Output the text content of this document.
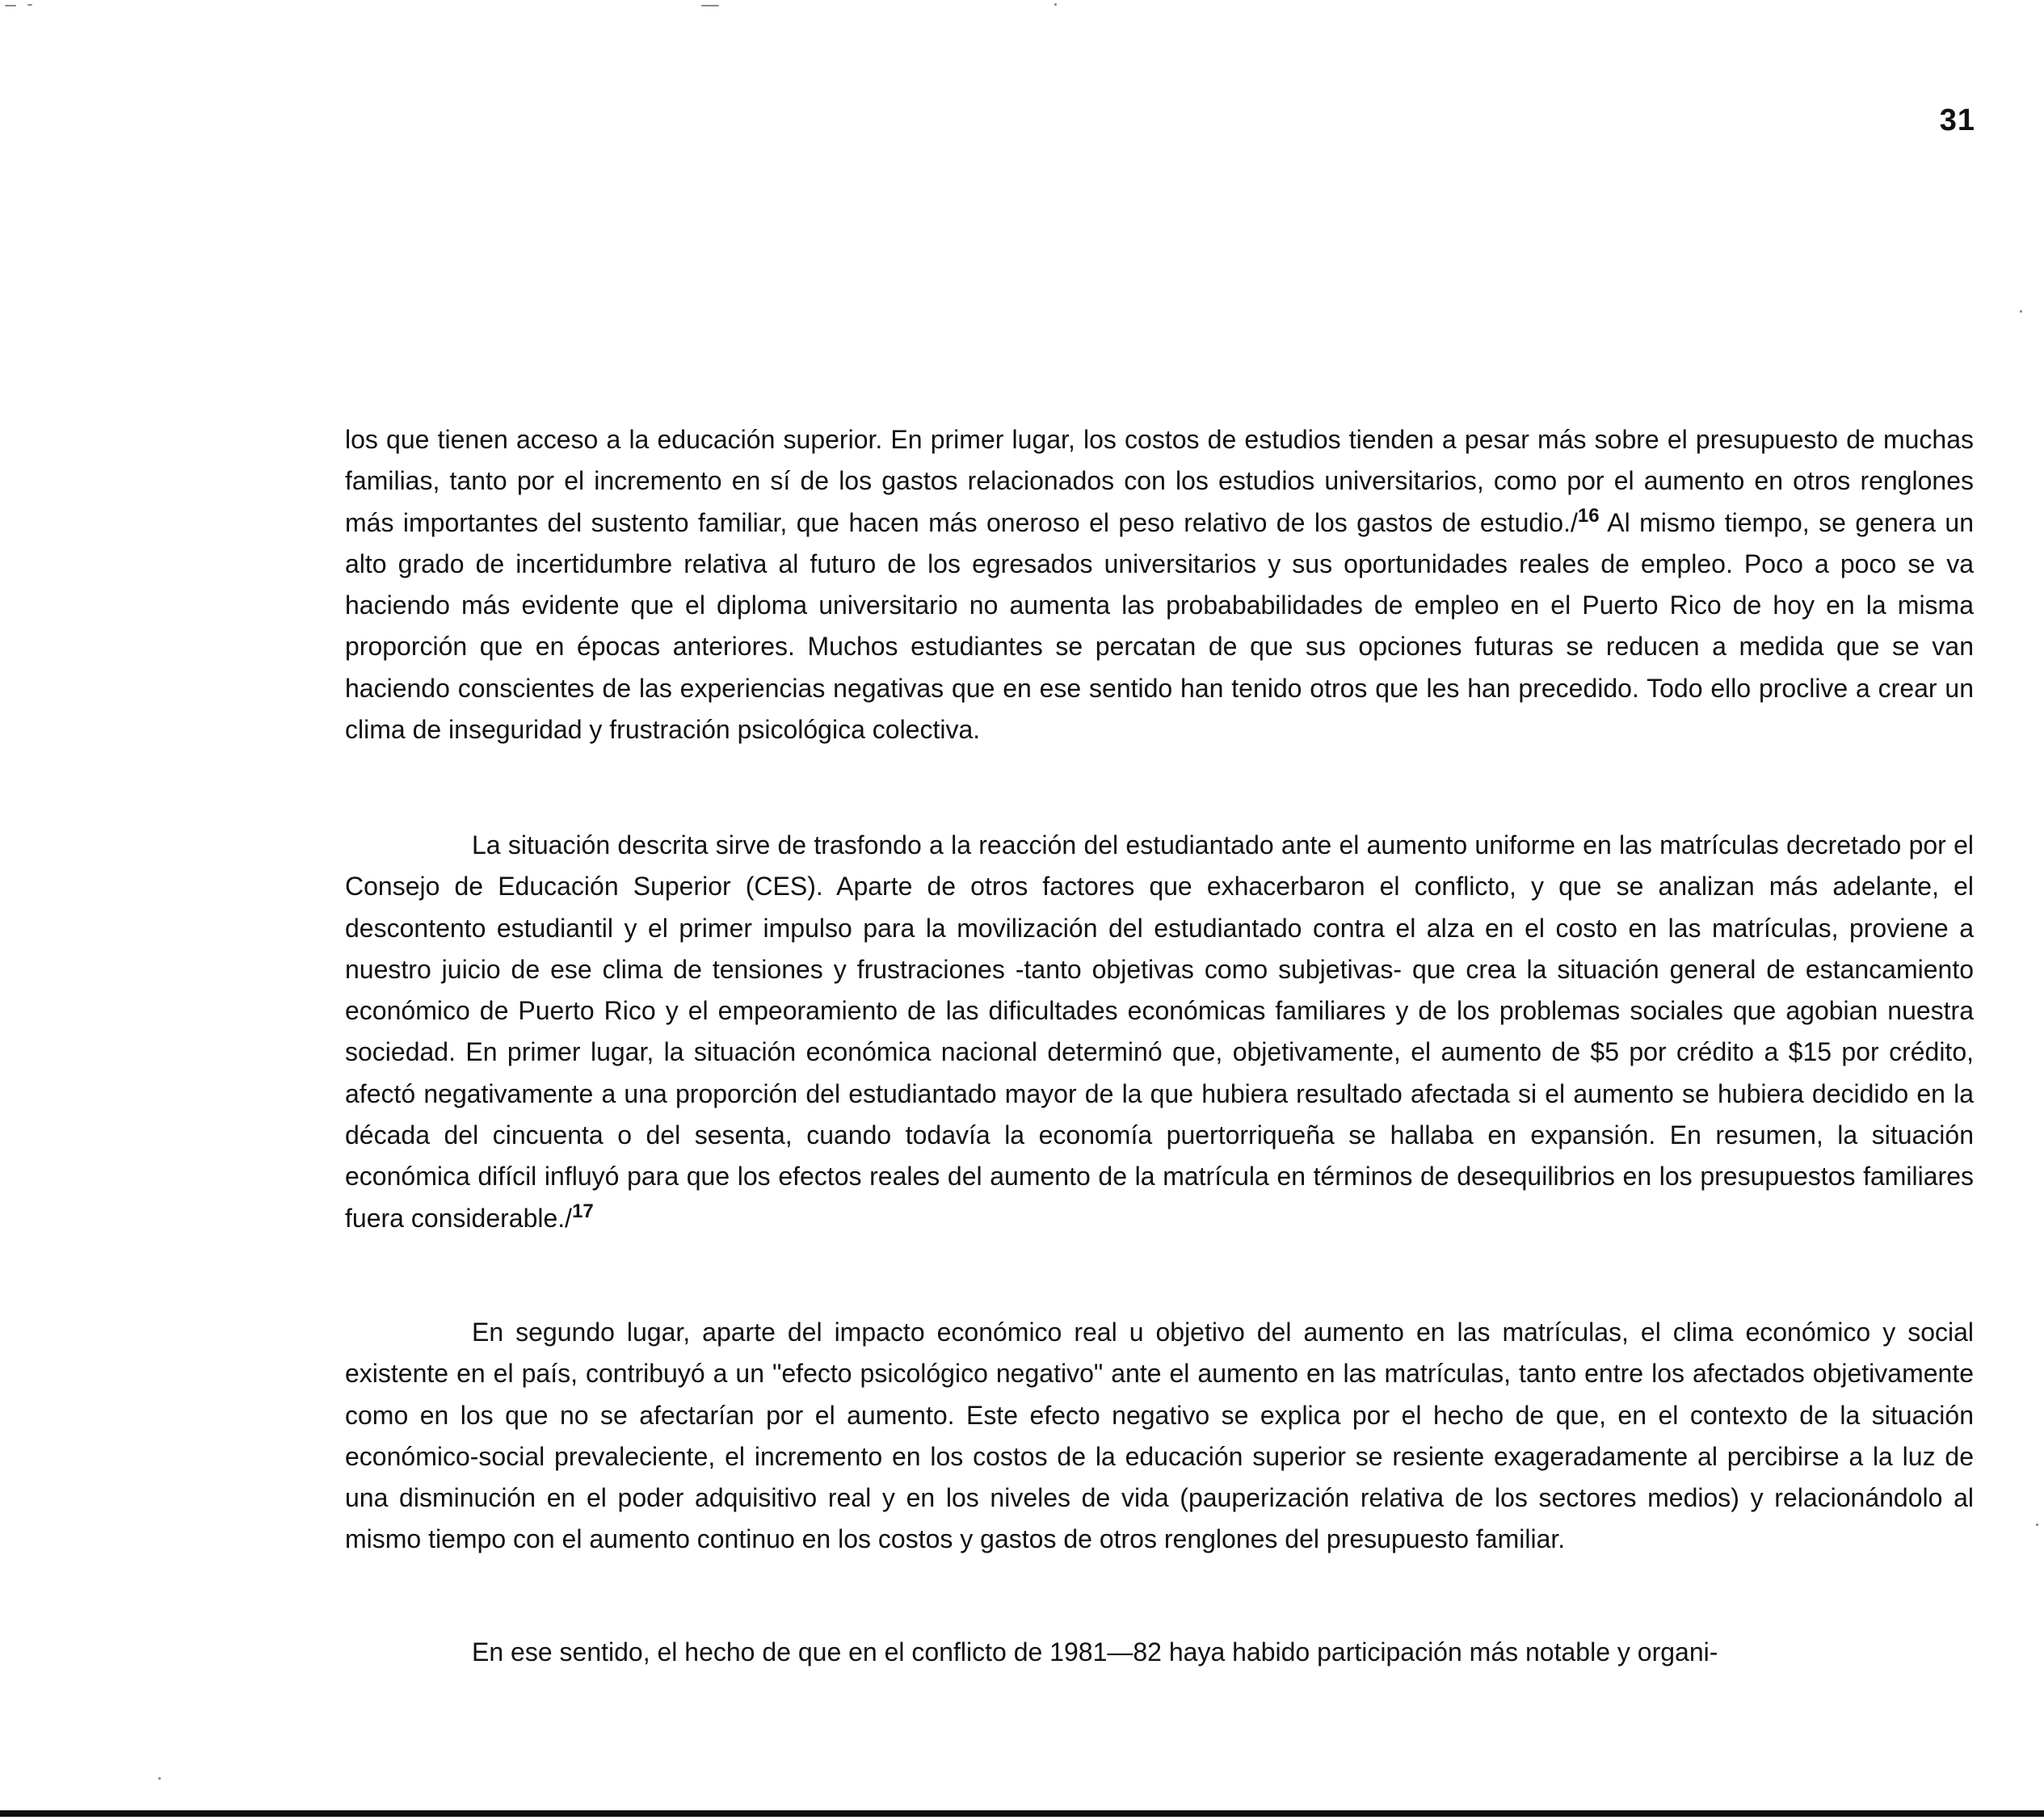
31

los que tienen acceso a la educación superior. En primer lugar, los costos de estudios tienden a pesar más sobre el presupuesto de muchas familias, tanto por el incremento en sí de los gastos relacionados con los estudios universitarios, como por el aumento en otros renglones más importantes del sustento familiar, que hacen más oneroso el peso relativo de los gastos de estudio./$^{16}$ Al mismo tiempo, se genera un alto grado de incertidumbre relativa al futuro de los egresados universitarios y sus oportunidades reales de empleo. Poco a poco se va haciendo más evidente que el diploma universitario no aumenta las probababilidades de empleo en el Puerto Rico de hoy en la misma proporción que en épocas anteriores. Muchos estudiantes se percatan de que sus opciones futuras se reducen a medida que se van haciendo conscientes de las experiencias negativas que en ese sentido han tenido otros que les han precedido. Todo ello proclive a crear un clima de inseguridad y frustración psicológica colectiva.

La situación descrita sirve de trasfondo a la reacción del estudiantado ante el aumento uniforme en las matrículas decretado por el Consejo de Educación Superior (CES). Aparte de otros factores que exhacerbaron el conflicto, y que se analizan más adelante, el descontento estudiantil y el primer impulso para la movilización del estudiantado contra el alza en el costo en las matrículas, proviene a nuestro juicio de ese clima de tensiones y frustraciones -tanto objetivas como subjetivas- que crea la situación general de estancamiento económico de Puerto Rico y el empeoramiento de las dificultades económicas familiares y de los problemas sociales que agobian nuestra sociedad. En primer lugar, la situación económica nacional determinó que, objetivamente, el aumento de $5 por crédito a $15 por crédito, afectó negativamente a una proporción del estudiantado mayor de la que hubiera resultado afectada si el aumento se hubiera decidido en la década del cincuenta o del sesenta, cuando todavía la economía puertorriqueña se hallaba en expansión. En resumen, la situación económica difícil influyó para que los efectos reales del aumento de la matrícula en términos de desequilibrios en los presupuestos familiares fuera considerable./$^{17}$

En segundo lugar, aparte del impacto económico real u objetivo del aumento en las matrículas, el clima económico y social existente en el país, contribuyó a un "efecto psicológico negativo" ante el aumento en las matrículas, tanto entre los afectados objetivamente como en los que no se afectarían por el aumento. Este efecto negativo se explica por el hecho de que, en el contexto de la situación económico-social prevaleciente, el incremento en los costos de la educación superior se resiente exageradamente al percibirse a la luz de una disminución en el poder adquisitivo real y en los niveles de vida (pauperización relativa de los sectores medios) y relacionándolo al mismo tiempo con el aumento continuo en los costos y gastos de otros renglones del presupuesto familiar.

En ese sentido, el hecho de que en el conflicto de 1981—82 haya habido participación más notable y organi-
